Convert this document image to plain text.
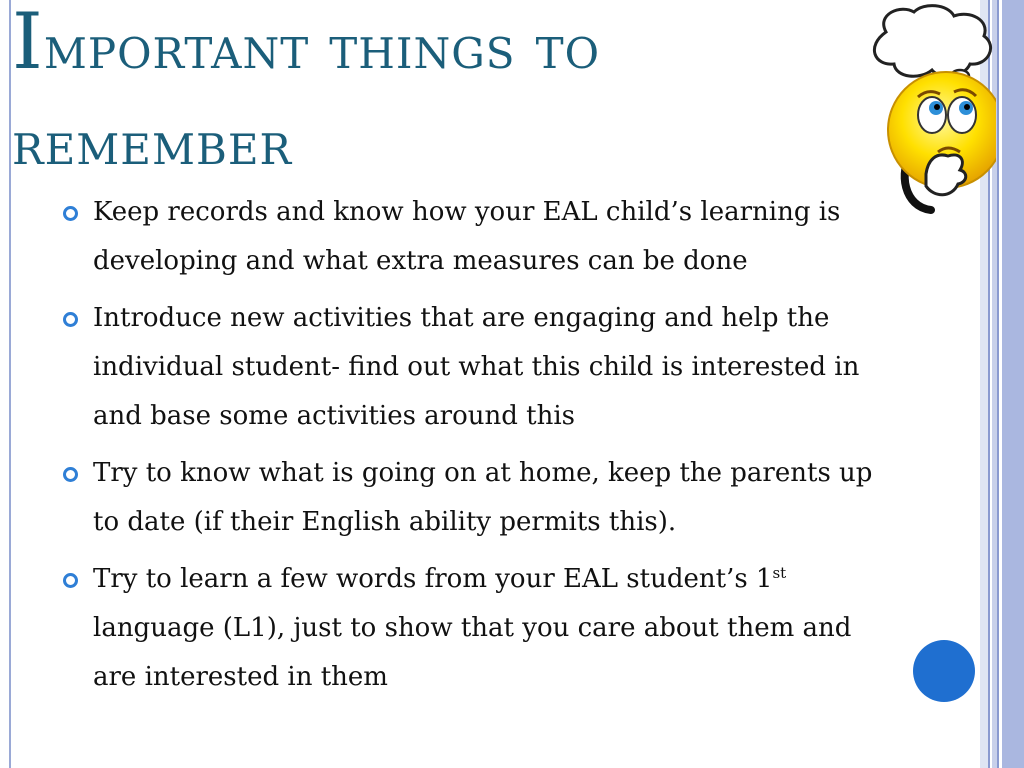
Important things to
remember
Keep records and know how your EAL child’s learning is developing and what extra measures can be done
Introduce new activities that are engaging and help the individual student- find out what this child is interested in and base some activities around this
Try to know what is going on at home, keep the parents up to date (if their English ability permits this).
Try to learn a few words from your EAL student’s 1st language (L1), just to show that you care about them and are interested in them
